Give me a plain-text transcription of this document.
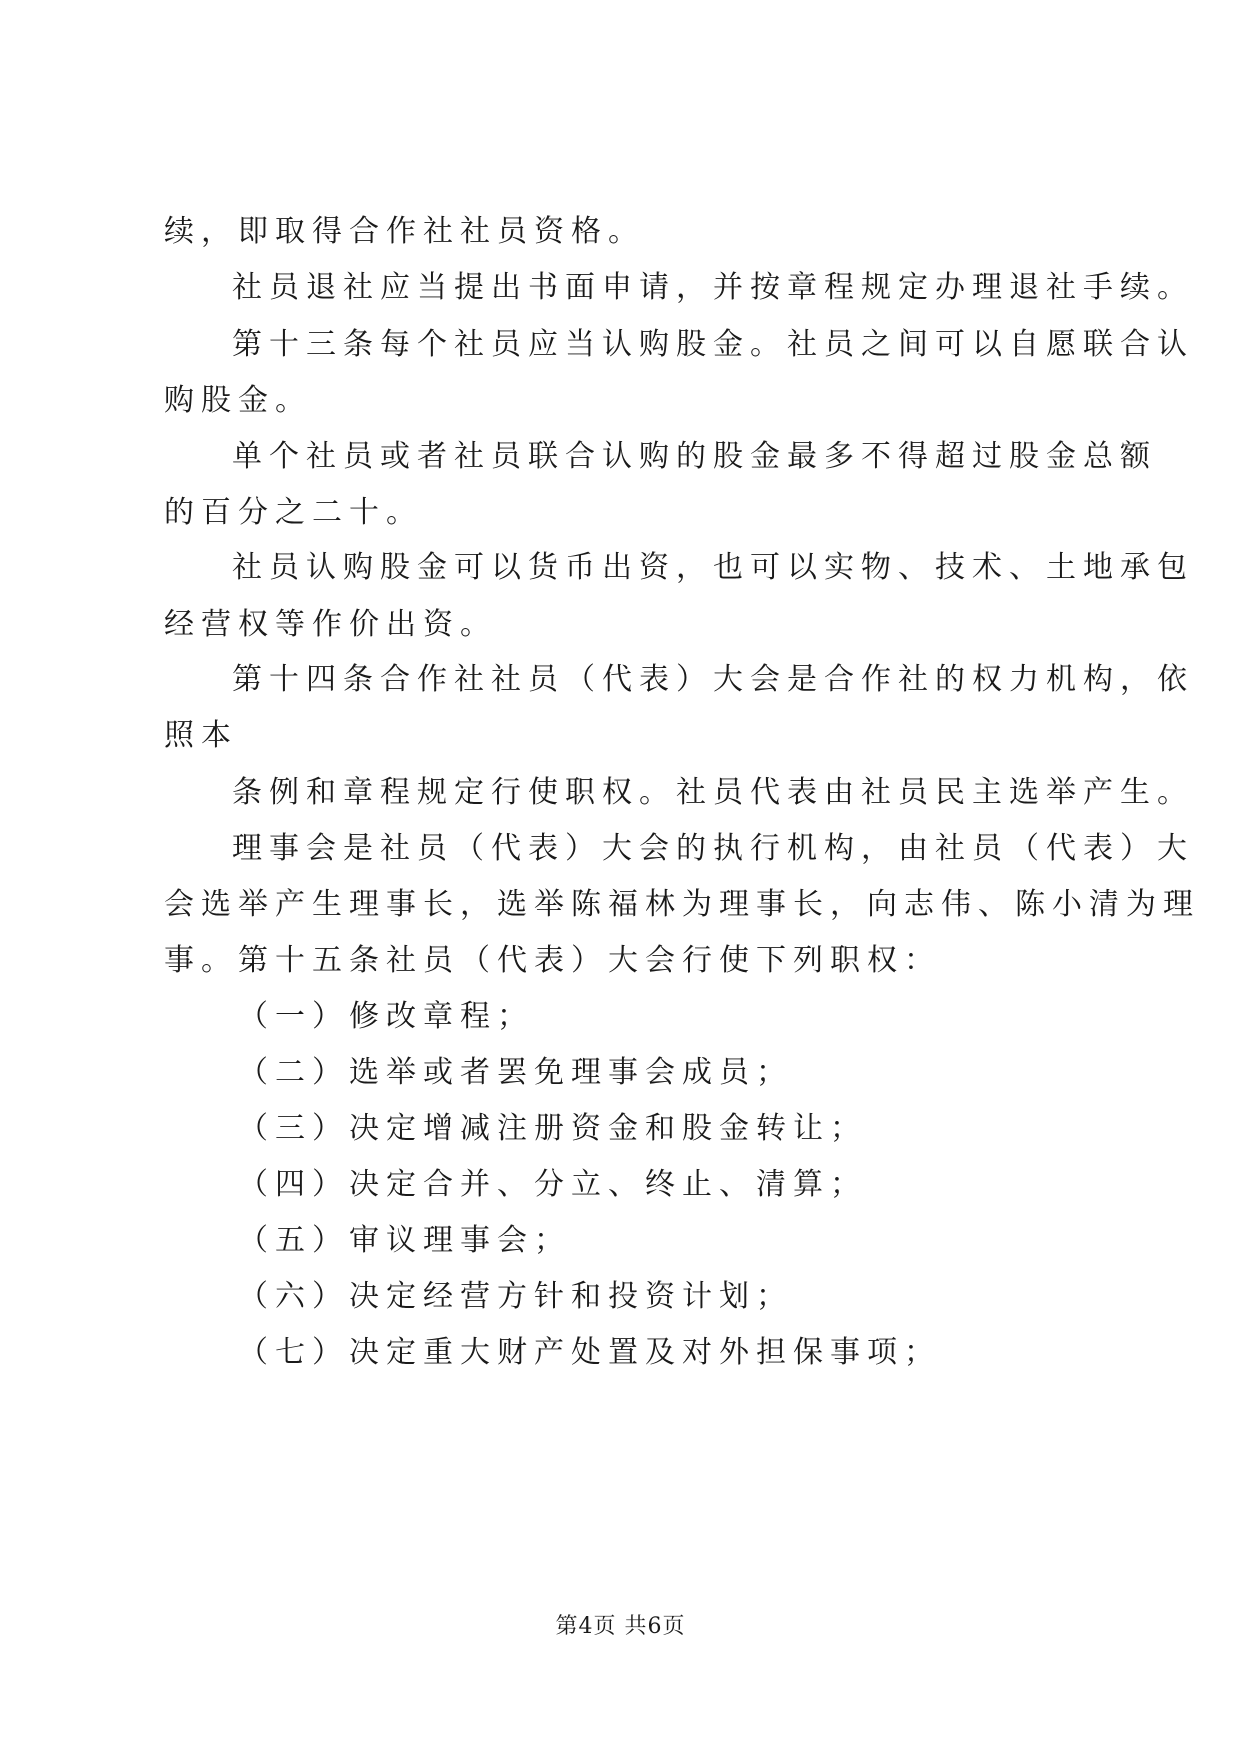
续，即取得合作社社员资格。

社员退社应当提出书面申请，并按章程规定办理退社手续。

第十三条每个社员应当认购股金。社员之间可以自愿联合认

购股金。

单个社员或者社员联合认购的股金最多不得超过股金总额

的百分之二十。

社员认购股金可以货币出资，也可以实物、技术、土地承包

经营权等作价出资。

第十四条合作社社员（代表）大会是合作社的权力机构，依

照本

条例和章程规定行使职权。社员代表由社员民主选举产生。

理事会是社员（代表）大会的执行机构，由社员（代表）大

会选举产生理事长，选举陈福林为理事长，向志伟、陈小清为理

事。第十五条社员（代表）大会行使下列职权：

（一）修改章程；

（二）选举或者罢免理事会成员；

（三）决定增减注册资金和股金转让；

（四）决定合并、分立、终止、清算；

（五）审议理事会；

（六）决定经营方针和投资计划；

（七）决定重大财产处置及对外担保事项；

第4页 共6页
